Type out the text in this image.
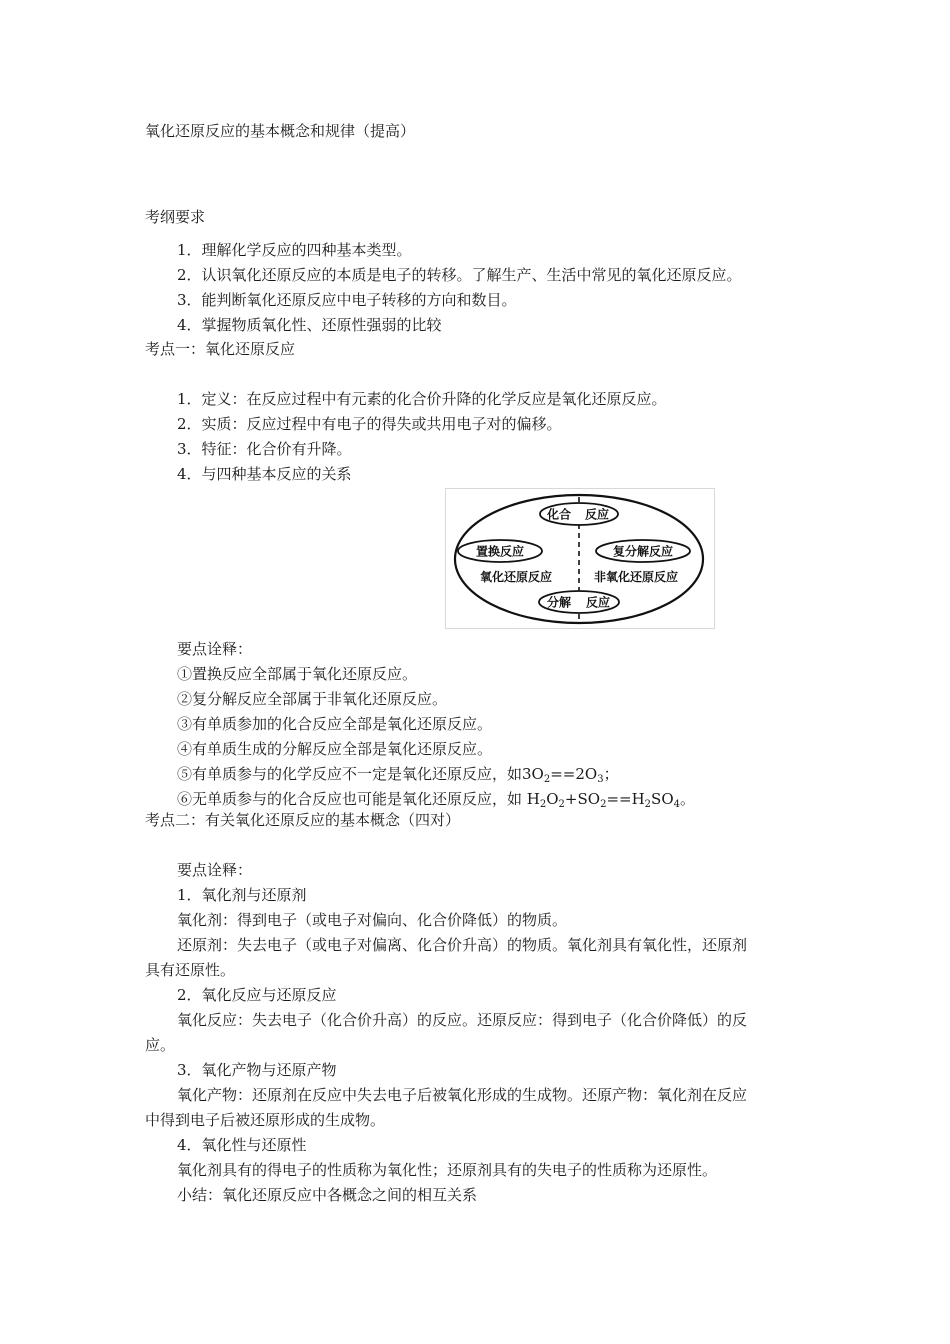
氧化还原反应的基本概念和规律（提高）
考纲要求
1．理解化学反应的四种基本类型。
2．认识氧化还原反应的本质是电子的转移。了解生产、生活中常见的氧化还原反应。
3．能判断氧化还原反应中电子转移的方向和数目。
4．掌握物质氧化性、还原性强弱的比较
考点一：氧化还原反应
1．定义：在反应过程中有元素的化合价升降的化学反应是氧化还原反应。
2．实质：反应过程中有电子的得失或共用电子对的偏移。
3．特征：化合价有升降。
4．与四种基本反应的关系
化合 反应
置换反应	复分解反应
氧化还原反应	非氧化还原反应
分解 反应
要点诠释：
①置换反应全部属于氧化还原反应。
②复分解反应全部属于非氧化还原反应。
③有单质参加的化合反应全部是氧化还原反应。
④有单质生成的分解反应全部是氧化还原反应。
⑤有单质参与的化学反应不一定是氧化还原反应，如$3O_2==2O_3$；
⑥无单质参与的化合反应也可能是氧化还原反应，如 $H_2O_2+SO_2==H_2SO_4$。
考点二：有关氧化还原反应的基本概念（四对）
要点诠释：
1．氧化剂与还原剂
氧化剂：得到电子（或电子对偏向、化合价降低）的物质。
还原剂：失去电子（或电子对偏离、化合价升高）的物质。氧化剂具有氧化性，还原剂
具有还原性。
2．氧化反应与还原反应
氧化反应：失去电子（化合价升高）的反应。还原反应：得到电子（化合价降低）的反
应。
3．氧化产物与还原产物
氧化产物：还原剂在反应中失去电子后被氧化形成的生成物。还原产物：氧化剂在反应
中得到电子后被还原形成的生成物。
4．氧化性与还原性
氧化剂具有的得电子的性质称为氧化性；还原剂具有的失电子的性质称为还原性。
小结：氧化还原反应中各概念之间的相互关系
